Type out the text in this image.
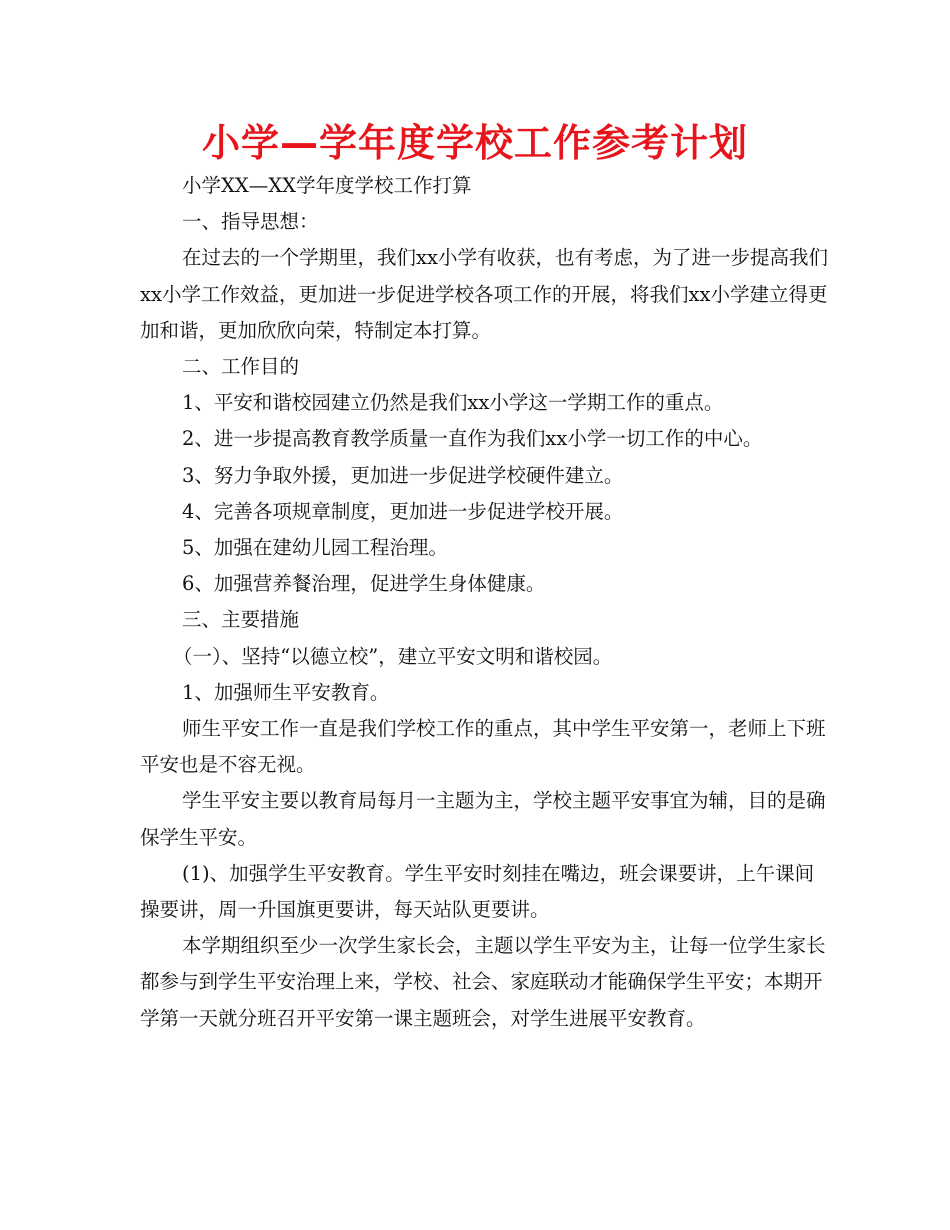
小学—学年度学校工作参考计划

小学XX—XX学年度学校工作打算

一、指导思想：

在过去的一个学期里，我们xx小学有收获，也有考虑，为了进一步提高我们xx小学工作效益，更加进一步促进学校各项工作的开展，将我们xx小学建立得更加和谐，更加欣欣向荣，特制定本打算。

二、工作目的

1、平安和谐校园建立仍然是我们xx小学这一学期工作的重点。

2、进一步提高教育教学质量一直作为我们xx小学一切工作的中心。

3、努力争取外援，更加进一步促进学校硬件建立。

4、完善各项规章制度，更加进一步促进学校开展。

5、加强在建幼儿园工程治理。

6、加强营养餐治理，促进学生身体健康。

三、主要措施

（一）、坚持“以德立校”，建立平安文明和谐校园。

1、加强师生平安教育。

师生平安工作一直是我们学校工作的重点，其中学生平安第一，老师上下班平安也是不容无视。

学生平安主要以教育局每月一主题为主，学校主题平安事宜为辅，目的是确保学生平安。

(1)、加强学生平安教育。学生平安时刻挂在嘴边，班会课要讲，上午课间操要讲，周一升国旗更要讲，每天站队更要讲。

本学期组织至少一次学生家长会，主题以学生平安为主，让每一位学生家长都参与到学生平安治理上来，学校、社会、家庭联动才能确保学生平安；本期开学第一天就分班召开平安第一课主题班会，对学生进展平安教育。
